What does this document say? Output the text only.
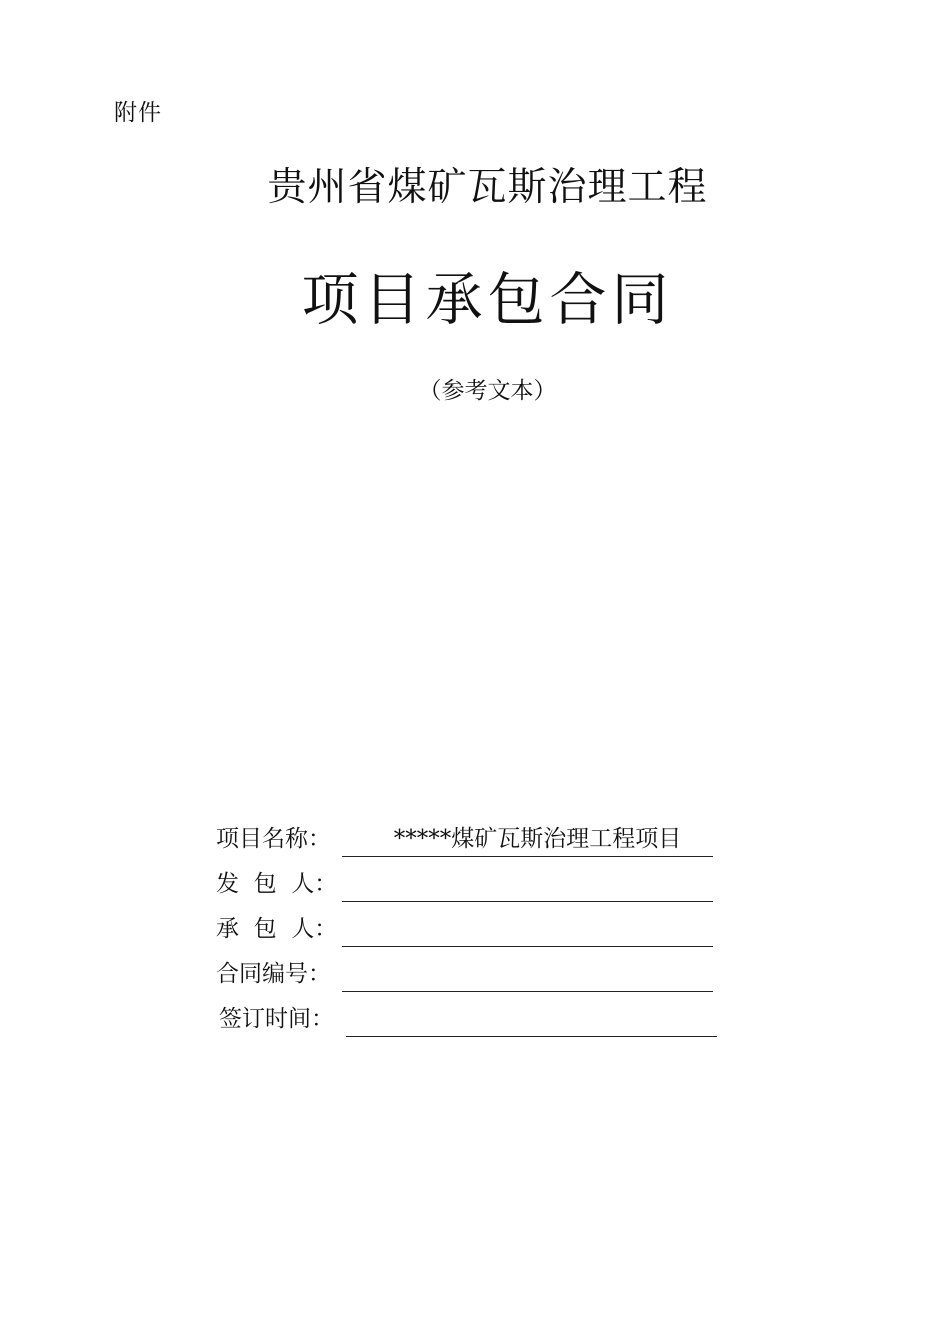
附件
贵州省煤矿瓦斯治理工程
项目承包合同
（参考文本）
项目名称：	*****煤矿瓦斯治理工程项目
发  包  人：
承  包  人：
合同编号：
签订时间：
